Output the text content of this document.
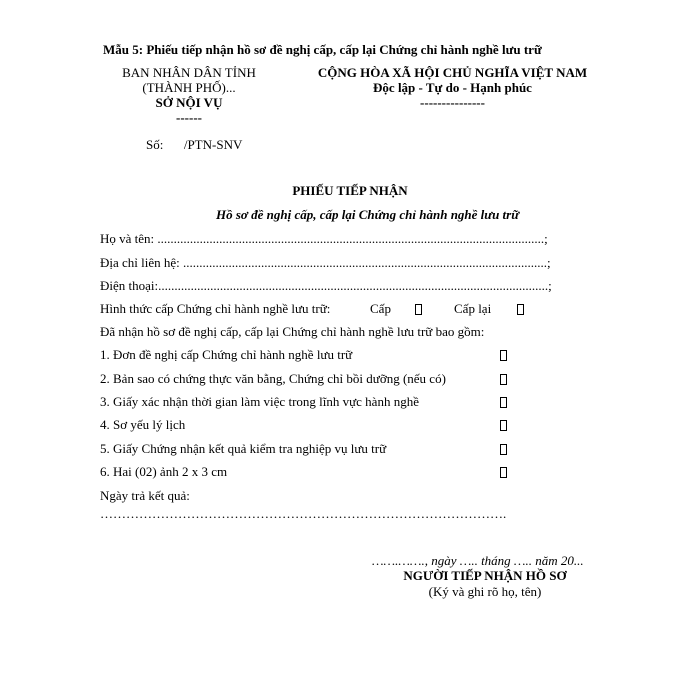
Mẫu 5: Phiếu tiếp nhận hồ sơ đề nghị cấp, cấp lại Chứng chỉ hành nghề lưu trữ
BAN NHÂN DÂN TỈNH
(THÀNH PHỐ)...
SỞ NỘI VỤ
------
CỘNG HÒA XÃ HỘI CHỦ NGHĨA VIỆT NAM
Độc lập - Tự do - Hạnh phúc
---------------
Số: /PTN-SNV
PHIẾU TIẾP NHẬN
Hồ sơ đề nghị cấp, cấp lại Chứng chỉ hành nghề lưu trữ
Họ và tên: .......................................................................................................................;
Địa chỉ liên hệ: ................................................................................................................;
Điện thoại:........................................................................................................................;
Hình thức cấp Chứng chỉ hành nghề lưu trữ:	Cấp	Cấp lại
Đã nhận hồ sơ đề nghị cấp, cấp lại Chứng chỉ hành nghề lưu trữ bao gồm:
1. Đơn đề nghị cấp Chứng chỉ hành nghề lưu trữ
2. Bản sao có chứng thực văn bằng, Chứng chỉ bồi dưỡng (nếu có)
3. Giấy xác nhận thời gian làm việc trong lĩnh vực hành nghề
4. Sơ yếu lý lịch
5. Giấy Chứng nhận kết quả kiểm tra nghiệp vụ lưu trữ
6. Hai (02) ảnh 2 x 3 cm
Ngày trả kết quả:
………………………………………………………………………………….
…….……., ngày ….. tháng ….. năm 20...
NGƯỜI TIẾP NHẬN HỒ SƠ
(Ký và ghi rõ họ, tên)
